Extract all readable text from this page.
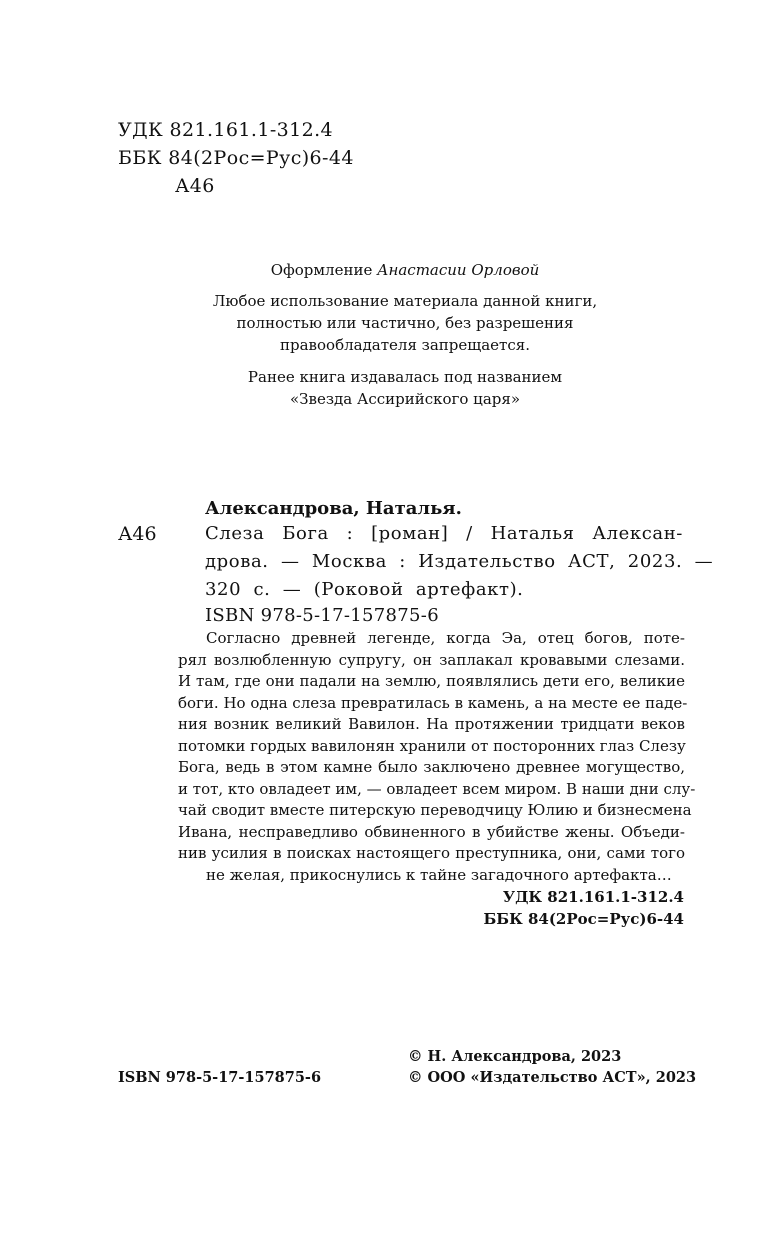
УДК 821.161.1-312.4
ББК 84(2Рос=Рус)6-44
А46
Оформление Анастасии Орловой
Любое использование материала данной книги,
полностью или частично, без разрешения
правообладателя запрещается.
Ранее книга издавалась под названием
«Звезда Ассирийского царя»
Александрова, Наталья.
А46	Слеза Бога : [роман] / Наталья Алексан-
дрова. — Москва : Издательство АСТ, 2023. —
320 с. — (Роковой артефакт).
ISBN 978-5-17-157875-6
Согласно древней легенде, когда Эа, отец богов, поте-
рял возлюбленную супругу, он заплакал кровавыми слезами.
И там, где они падали на землю, появлялись дети его, великие
боги. Но одна слеза превратилась в камень, а на месте ее паде-
ния возник великий Вавилон. На протяжении тридцати веков
потомки гордых вавилонян хранили от посторонних глаз Слезу
Бога, ведь в этом камне было заключено древнее могущество,
и тот, кто овладеет им, — овладеет всем миром. В наши дни слу-
чай сводит вместе питерскую переводчицу Юлию и бизнесмена
Ивана, несправедливо обвиненного в убийстве жены. Объеди-
нив усилия в поисках настоящего преступника, они, сами того
не желая, прикоснулись к тайне загадочного артефакта…
УДК 821.161.1-312.4
ББК 84(2Рос=Рус)6-44
© Н. Александрова, 2023
© ООО «Издательство АСТ», 2023
ISBN 978-5-17-157875-6
